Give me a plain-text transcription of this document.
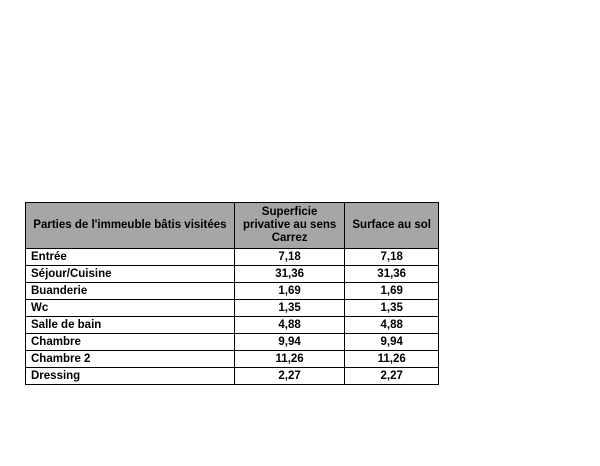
Parties de l'immeuble bâtis visitées	Superficie privative au sens Carrez	Surface au sol
Entrée	7,18	7,18
Séjour/Cuisine	31,36	31,36
Buanderie	1,69	1,69
Wc	1,35	1,35
Salle de bain	4,88	4,88
Chambre	9,94	9,94
Chambre 2	11,26	11,26
Dressing	2,27	2,27
